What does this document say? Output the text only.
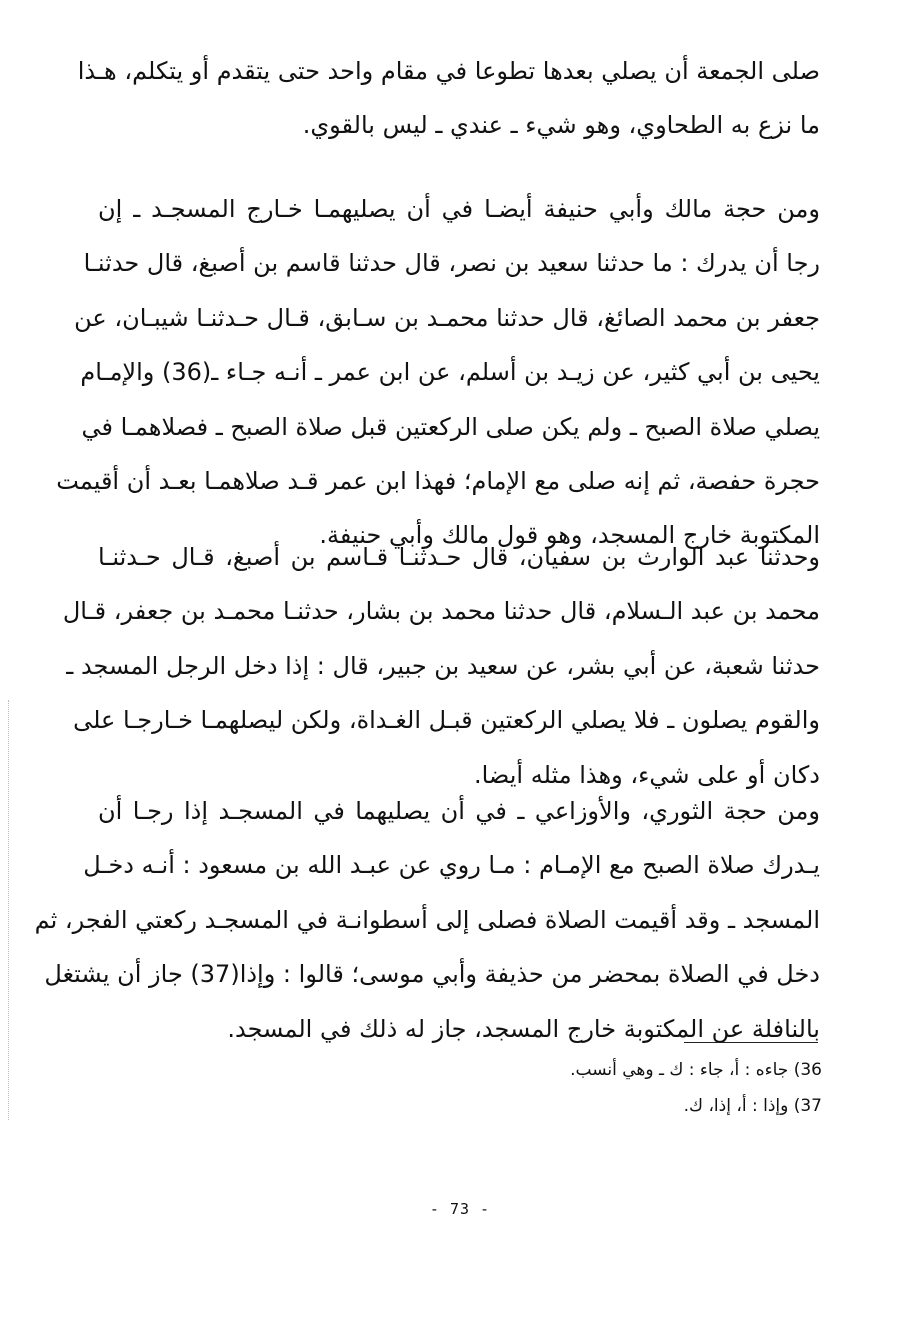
صلى الجمعة أن يصلي بعدها تطوعا في مقام واحد حتى يتقدم أو يتكلم، هـذا
ما نزع به الطحاوي، وهو شيء ـ عندي ـ ليس بالقوي.
ومن حجة مالك وأبي حنيفة أيضـا في أن يصليهمـا خـارج المسجـد ـ إن
رجا أن يدرك : ما حدثنا سعيد بن نصر، قال حدثنا قاسم بن أصبغ، قال حدثنـا
جعفر بن محمد الصائغ، قال حدثنا محمـد بن سـابق، قـال حـدثنـا شيبـان، عن
يحيى بن أبي كثير، عن زيـد بن أسلم، عن ابن عمر ـ أنـه جـاء ـ(36) والإمـام
يصلي صلاة الصبح ـ ولم يكن صلى الركعتين قبل صلاة الصبح ـ فصلاهمـا في
حجرة حفصة، ثم إنه صلى مع الإمام؛ فهذا ابن عمر قـد صلاهمـا بعـد أن أقيمت
المكتوبة خارج المسجد، وهو قول مالك وأبي حنيفة.
وحدثنا عبد الوارث بن سفيان، قال حـدثنـا قـاسم بن أصبغ، قـال حـدثنـا
محمد بن عبد الـسلام، قال حدثنا محمد بن بشار، حدثنـا محمـد بن جعفر، قـال
حدثنا شعبة، عن أبي بشر، عن سعيد بن جبير، قال : إذا دخل الرجل المسجد ـ
والقوم يصلون ـ فلا يصلي الركعتين قبـل الغـداة، ولكن ليصلهمـا خـارجـا على
دكان أو على شيء، وهذا مثله أيضا.
ومن حجة الثوري، والأوزاعي ـ في أن يصليهما في المسجـد إذا رجـا أن
يـدرك صلاة الصبح مع الإمـام : مـا روي عن عبـد الله بن مسعود : أنـه دخـل
المسجد ـ وقد أقيمت الصلاة فصلى إلى أسطوانـة في المسجـد ركعتي الفجر، ثم
دخل في الصلاة بمحضر من حذيفة وأبي موسى؛ قالوا : وإذا(37) جاز أن يشتغل
بالنافلة عن المكتوبة خارج المسجد، جاز له ذلك في المسجد.
36) جاءه : أ، جاء : ك ـ وهي أنسب.
37) وإذا : أ، إذا، ك.
- 73 -
